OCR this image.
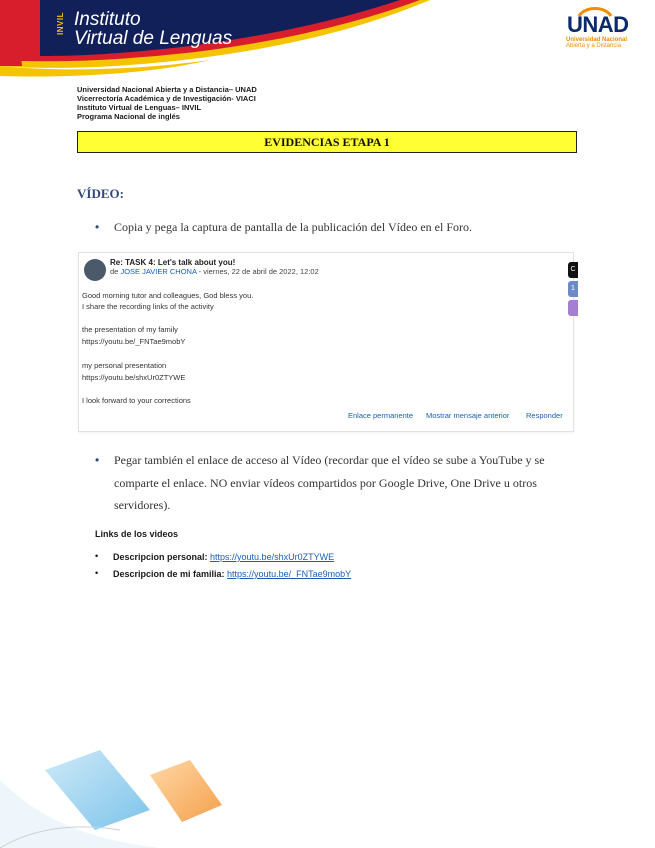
INVIL Instituto
Virtual de Lenguas
UNAD
Universidad Nacional
Abierta y a Distancia
Universidad Nacional Abierta y a Distancia– UNAD
Vicerrectoría Académica y de Investigación- VIACI
Instituto Virtual de Lenguas– INVIL
Programa Nacional de inglés
EVIDENCIAS ETAPA 1
VÍDEO:
• Copia y pega la captura de pantalla de la publicación del Vídeo en el Foro.
Re: TASK 4: Let's talk about you!
de JOSE JAVIER CHONA - viernes, 22 de abril de 2022, 12:02
Good morning tutor and colleagues, God bless you.
I share the recording links of the activity
the presentation of my family
https://youtu.be/_FNTae9mobY
my personal presentation
https://youtu.be/shxUr0ZTYWE
I look forward to your corrections
Enlace permanente Mostrar mensaje anterior Responder
C
1
• Pegar también el enlace de acceso al Vídeo (recordar que el vídeo se sube a YouTube y se
comparte el enlace. NO enviar vídeos compartidos por Google Drive, One Drive u otros
servidores).
Links de los videos
• Descripcion personal: https://youtu.be/shxUr0ZTYWE
• Descripcion de mi familia: https://youtu.be/_FNTae9mobY
